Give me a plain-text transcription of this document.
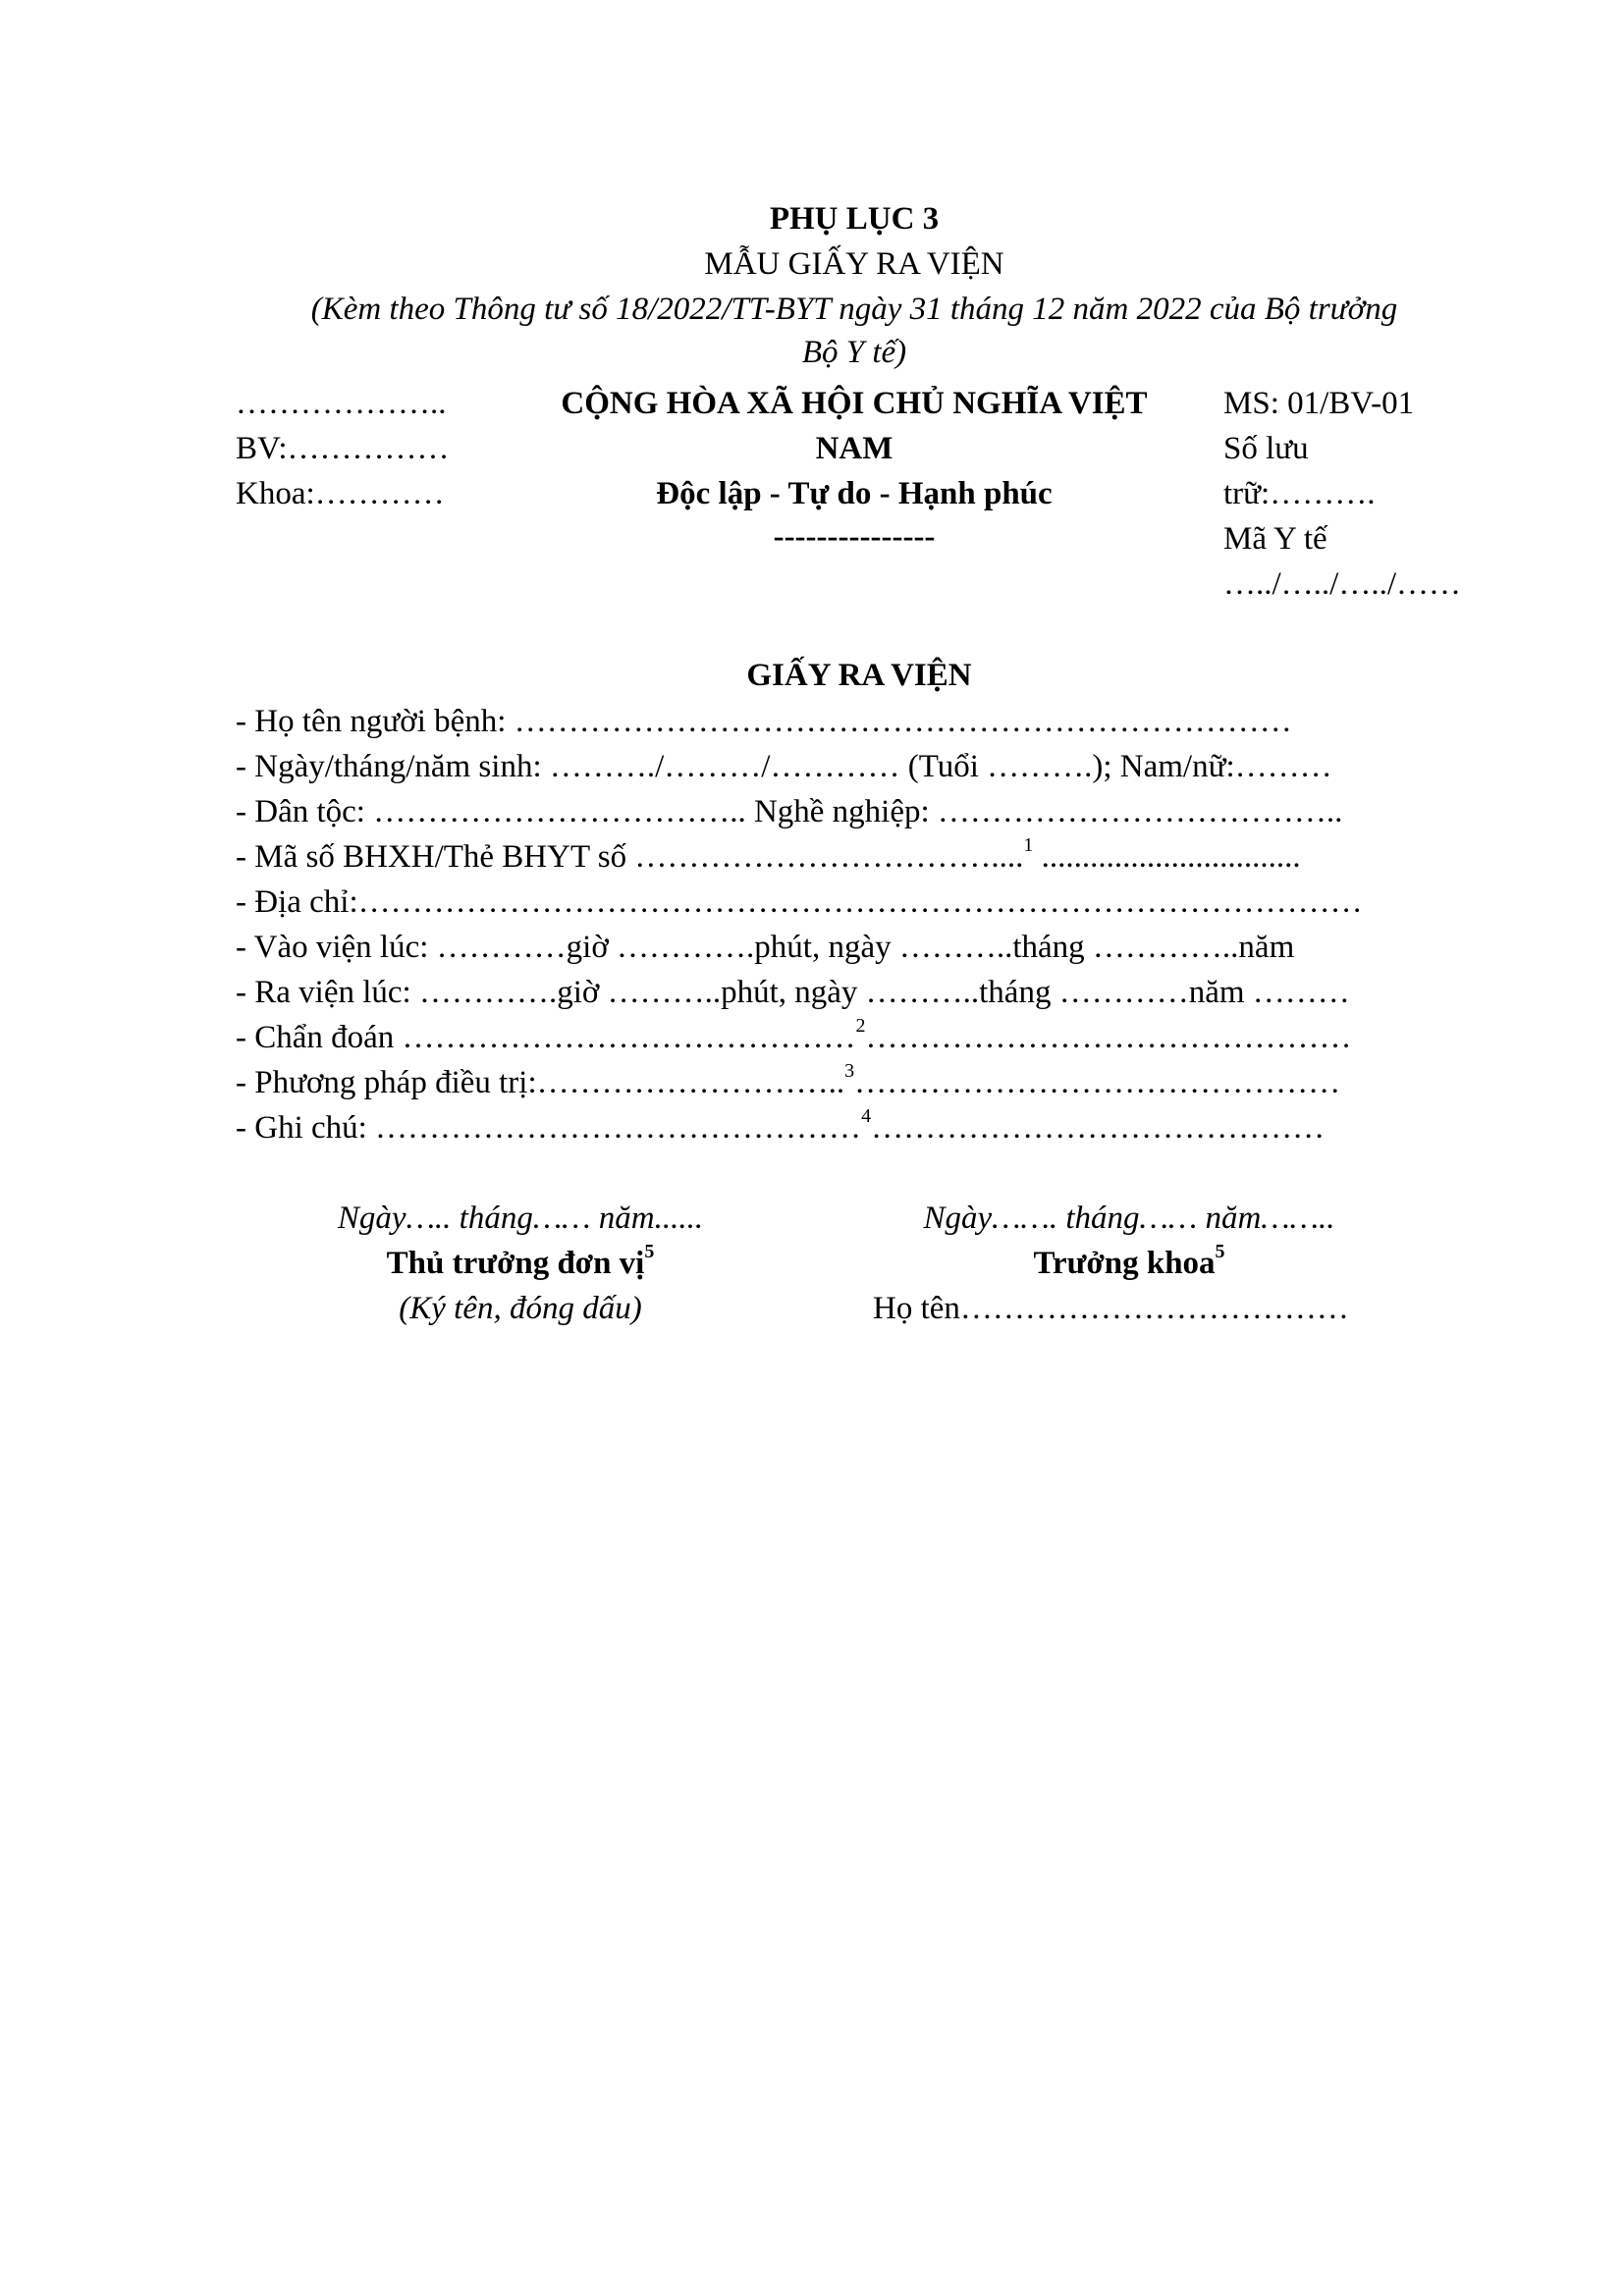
PHỤ LỤC 3
MẪU GIẤY RA VIỆN
(Kèm theo Thông tư số 18/2022/TT-BYT ngày 31 tháng 12 năm 2022 của Bộ trưởng
Bộ Y tế)
………………..
BV:……………
Khoa:…………
CỘNG HÒA XÃ HỘI CHỦ NGHĨA VIỆT
NAM
Độc lập - Tự do - Hạnh phúc
---------------
MS: 01/BV-01
Số lưu
trữ:……….
Mã Y tế
…../…../…../……
GIẤY RA VIỆN
- Họ tên người bệnh: ………………………………………………………………
- Ngày/tháng/năm sinh: ………./………/………… (Tuổi ……….); Nam/nữ:………
- Dân tộc: …………………………….. Nghề nghiệp: ………………………………..
- Mã số BHXH/Thẻ BHYT số ……………………………....$^1$ ................................
- Địa chỉ:…………………………………………………………………………………
- Vào viện lúc: …………giờ ………….phút, ngày ………..tháng …………..năm
- Ra viện lúc: ………….giờ ………..phút, ngày ………..tháng …………năm ………
- Chẩn đoán ……………………………………$^2$………………………………………
- Phương pháp điều trị:………………………..$^3$………………………………………
- Ghi chú: ………………………………………$^4$……………………………………
Ngày….. tháng…… năm......
Thủ trưởng đơn vị$^5$
(Ký tên, đóng dấu)
Ngày……. tháng…… năm……..
Trưởng khoa$^5$
Họ tên………………………………
